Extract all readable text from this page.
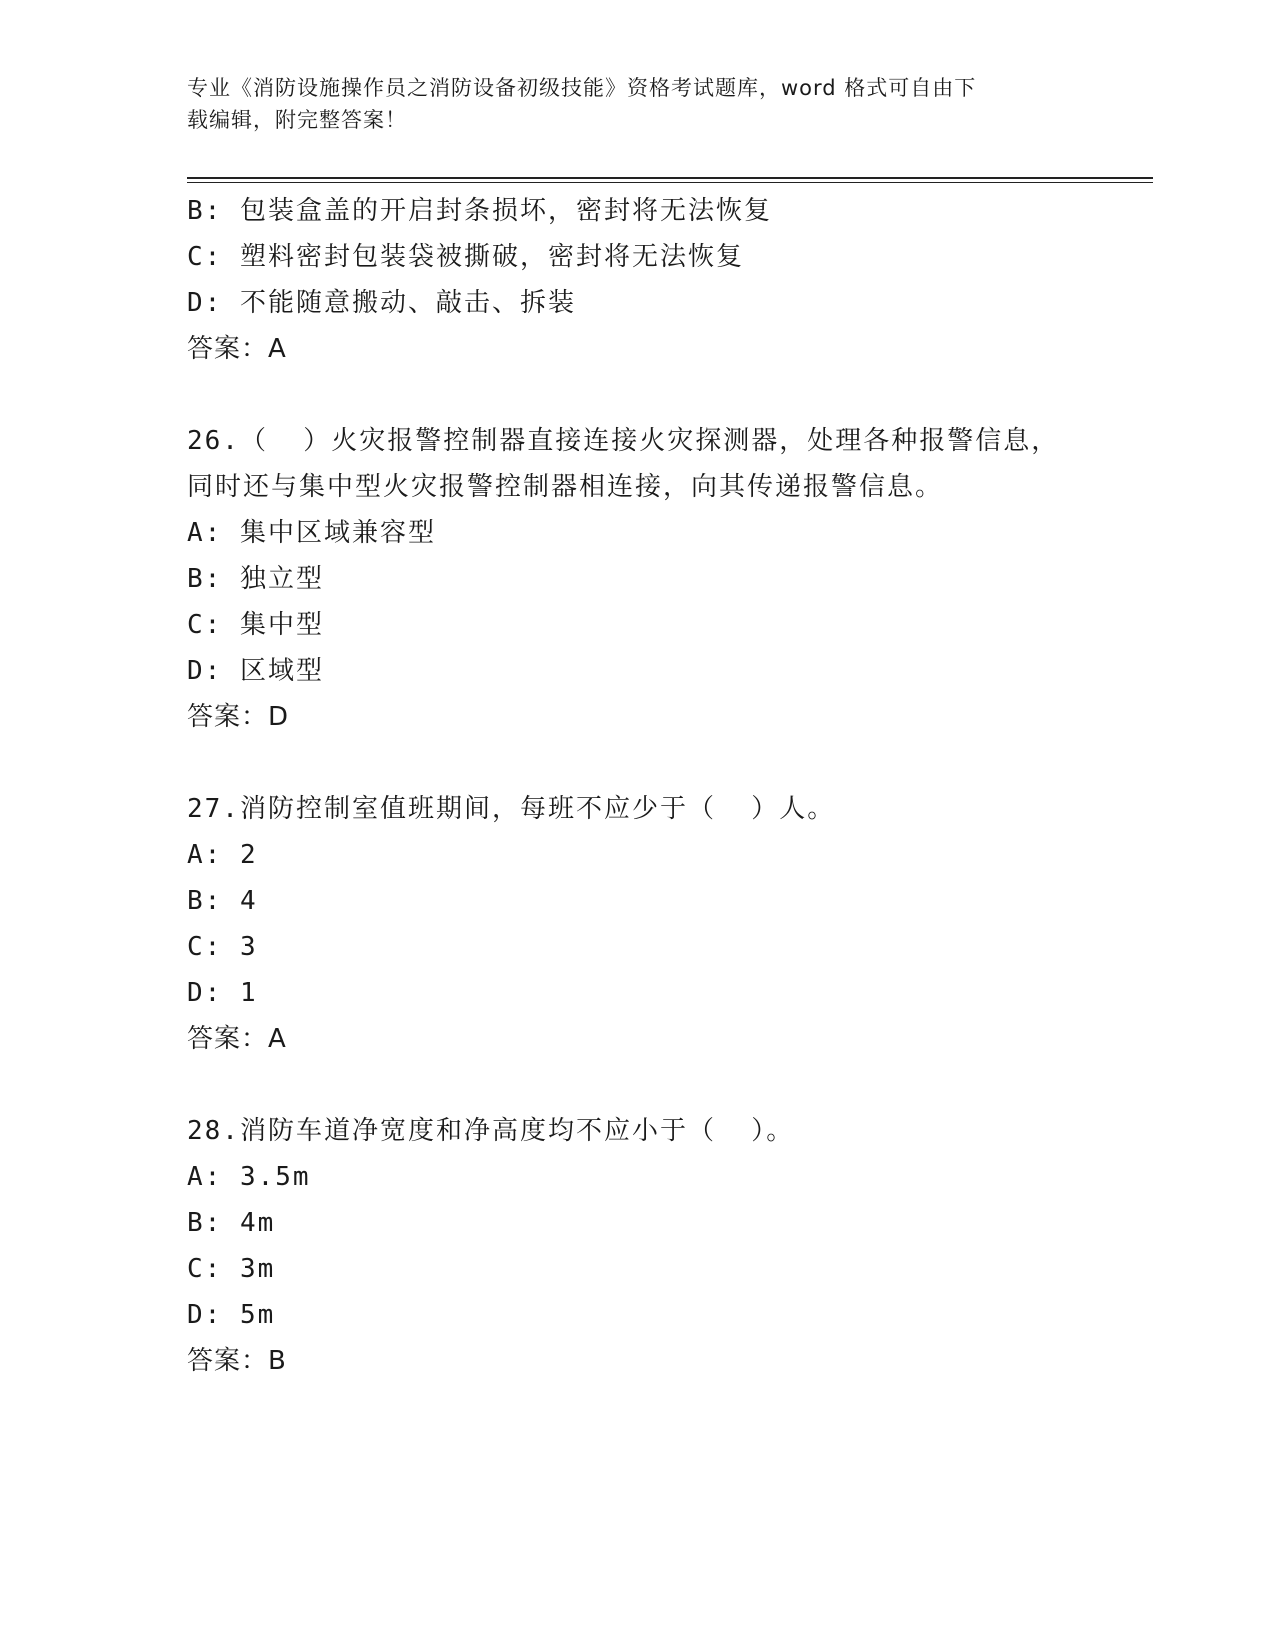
专业《消防设施操作员之消防设备初级技能》资格考试题库，word 格式可自由下
载编辑，附完整答案！
B: 包装盒盖的开启封条损坏，密封将无法恢复
C: 塑料密封包装袋被撕破，密封将无法恢复
D: 不能随意搬动、敲击、拆装
答案：A
26.（  ）火灾报警控制器直接连接火灾探测器，处理各种报警信息，
同时还与集中型火灾报警控制器相连接，向其传递报警信息。
A: 集中区域兼容型
B: 独立型
C: 集中型
D: 区域型
答案：D
27.消防控制室值班期间，每班不应少于（  ）人。
A: 2
B: 4
C: 3
D: 1
答案：A
28.消防车道净宽度和净高度均不应小于（  ）。
A: 3.5m
B: 4m
C: 3m
D: 5m
答案：B
